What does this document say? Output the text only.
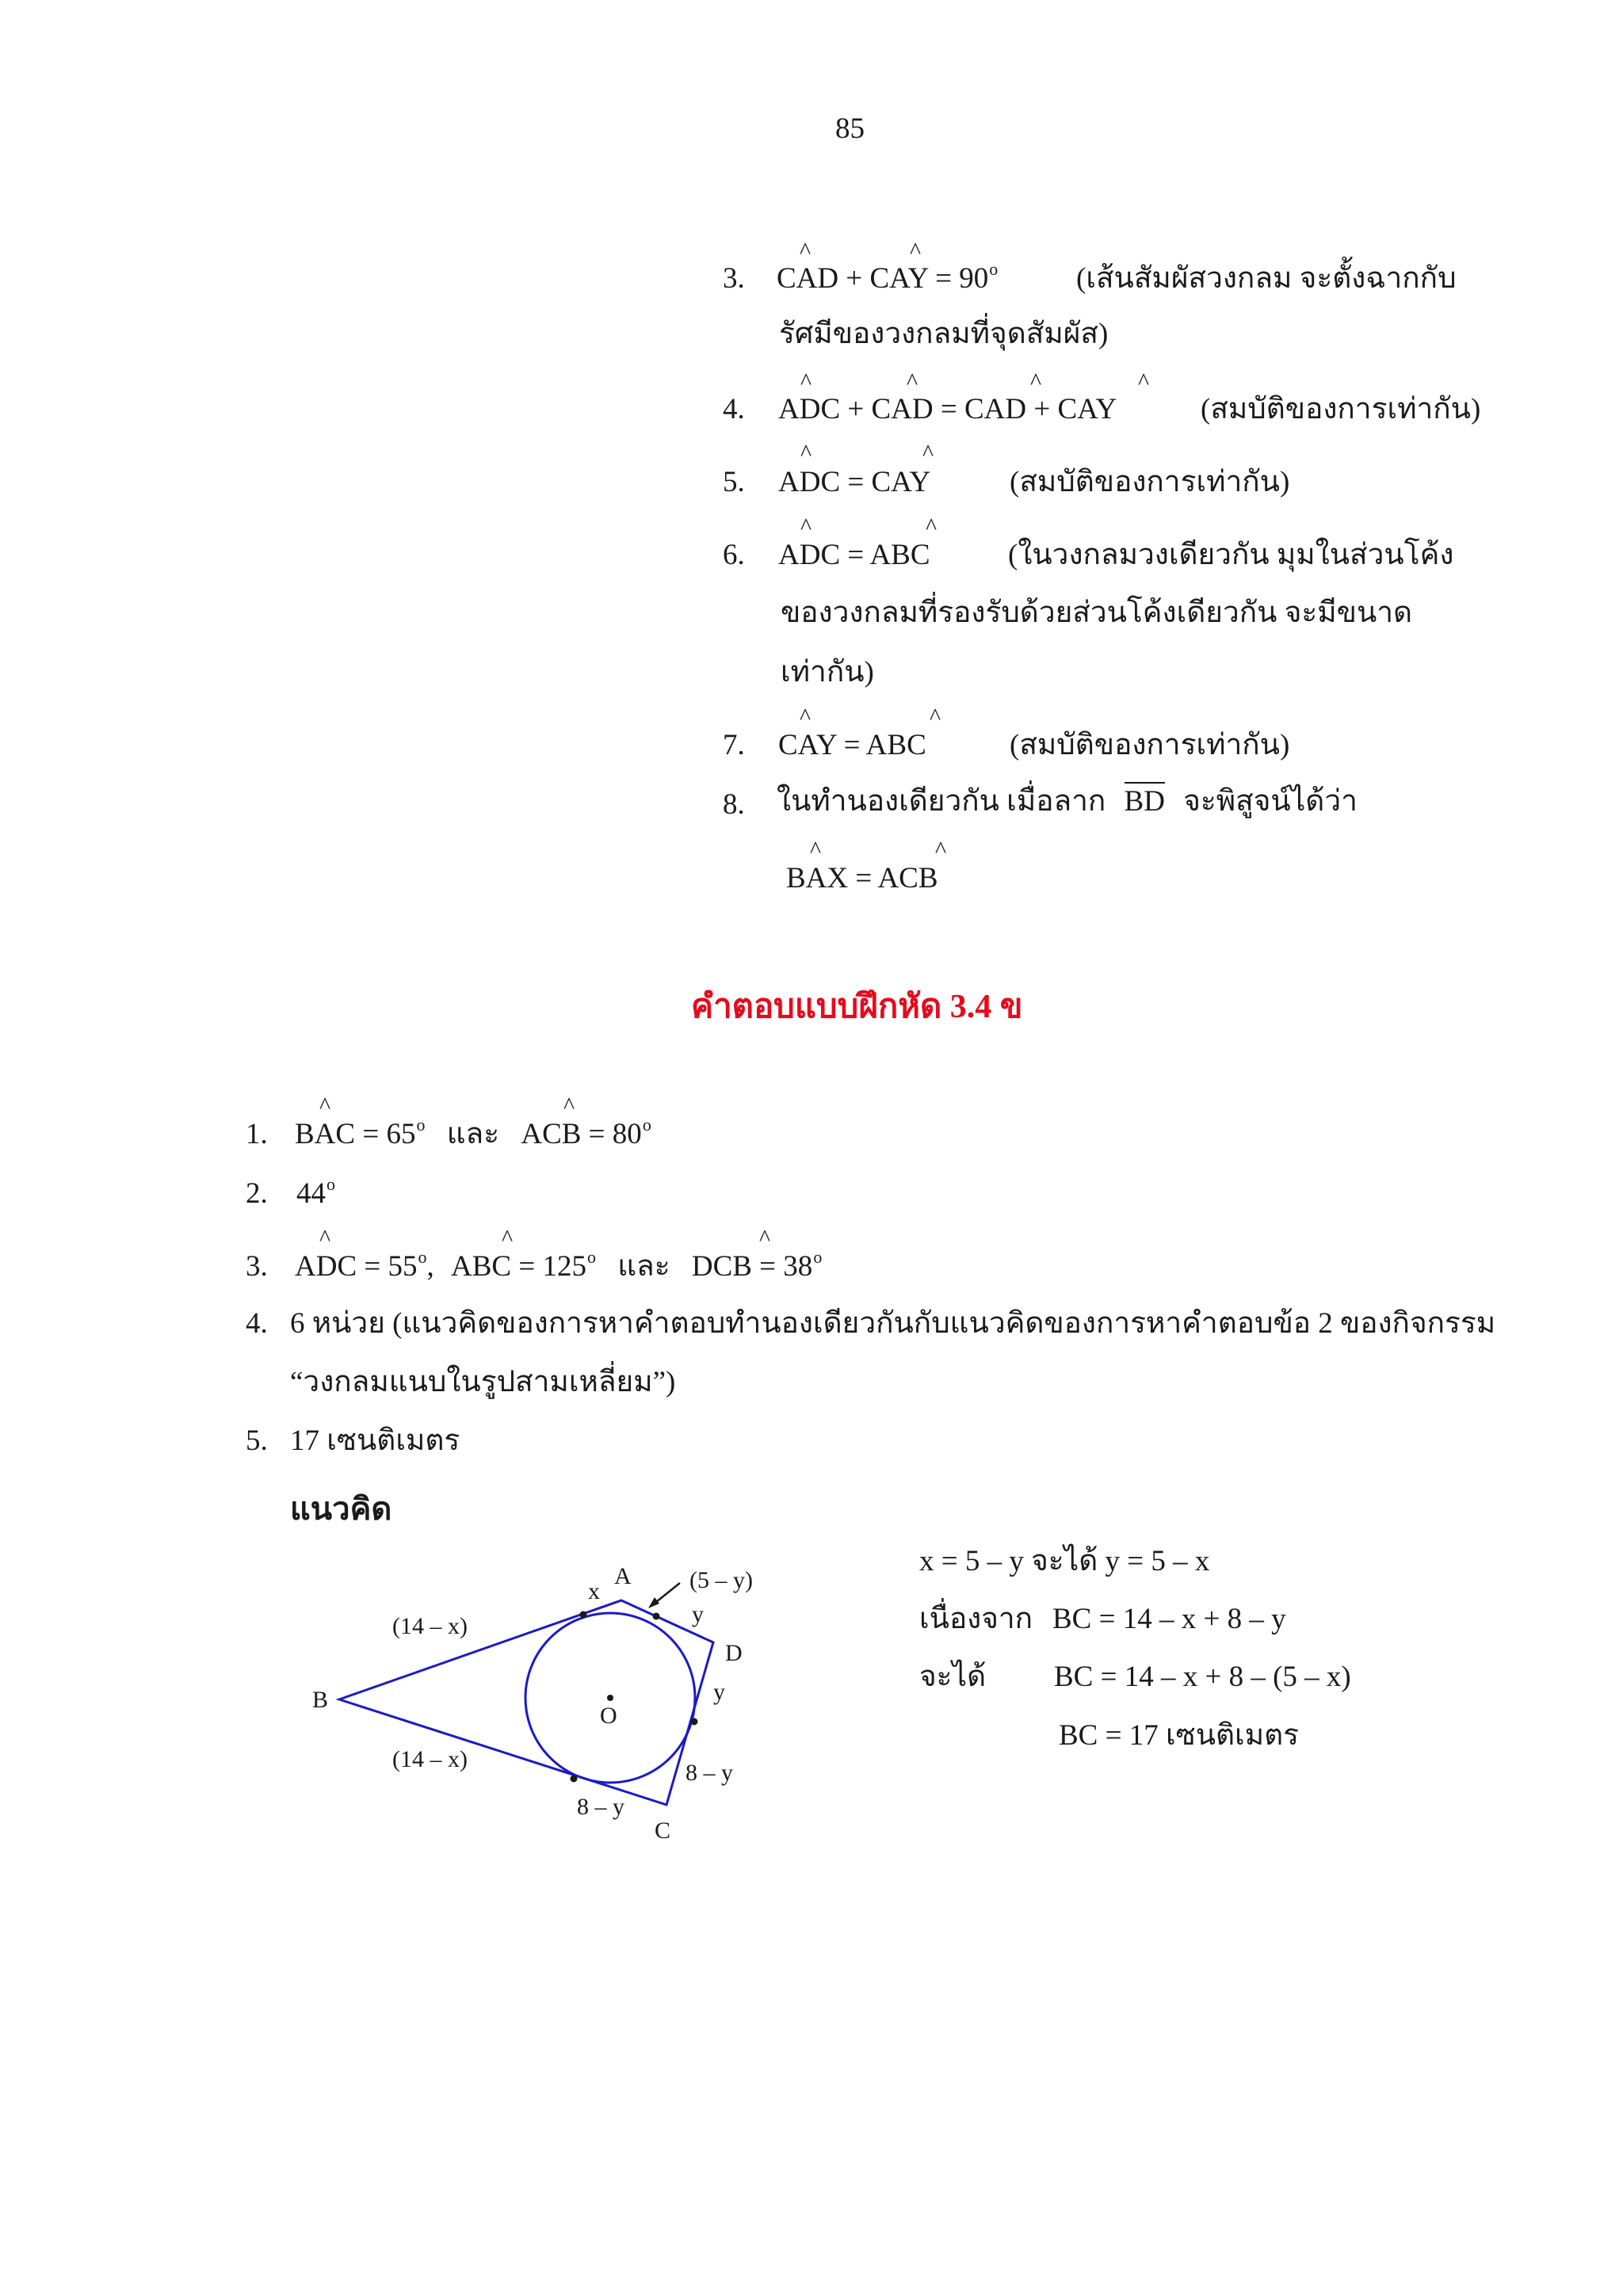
85
3.
^	^
CAD + CAY = $90^o$	(เส้นสัมผัสวงกลม จะตั้งฉากกับ
รัศมีของวงกลมที่จุดสัมผัส)
4.
^	^	^	^
ADC + CAD = CAD + CAY	(สมบัติของการเท่ากัน)
5.
^	^
ADC = CAY	(สมบัติของการเท่ากัน)
6.
^	^
ADC = ABC	(ในวงกลมวงเดียวกัน มุมในส่วนโค้ง
ของวงกลมที่รองรับด้วยส่วนโค้งเดียวกัน จะมีขนาด
เท่ากัน)
7.
^	^
CAY = ABC	(สมบัติของการเท่ากัน)
8.	ในทำนองเดียวกัน เมื่อลาก BD จะพิสูจน์ได้ว่า
^	^
BAX = ACB
คำตอบแบบฝึกหัด 3.4 ข
1.
^	^
BAC = $65^o$ และ ACB = $80^o$
2. 44$^o$
3.
^	^	^
ADC = $55^o$, ABC = $125^o$ และ DCB = $38^o$
4. 6 หน่วย (แนวคิดของการหาคำตอบทำนองเดียวกันกับแนวคิดของการหาคำตอบข้อ 2 ของกิจกรรม
“วงกลมแนบในรูปสามเหลี่ยม”)
5. 17 เซนติเมตร
แนวคิด
A
B
C
D
O
(14 – x)
(14 – x)
x	(5 – y)
y
y
8 – y
8 – y
x = 5 – y จะได้ y = 5 – x
เนื่องจาก BC = 14 – x + 8 – y
จะได้ BC = 14 – x + 8 – (5 – x)
BC = 17 เซนติเมตร
